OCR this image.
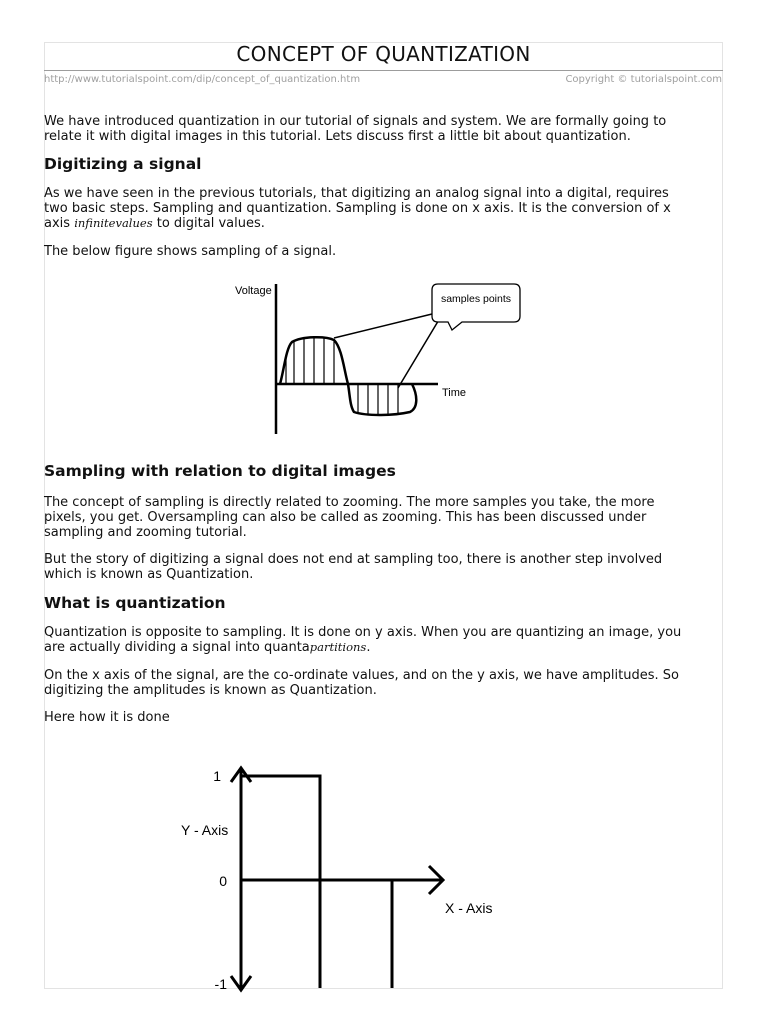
CONCEPT OF QUANTIZATION
http://www.tutorialspoint.com/dip/concept_of_quantization.htm	Copyright © tutorialspoint.com

We have introduced quantization in our tutorial of signals and system. We are formally going to
relate it with digital images in this tutorial. Lets discuss first a little bit about quantization.

Digitizing a signal

As we have seen in the previous tutorials, that digitizing an analog signal into a digital, requires
two basic steps. Sampling and quantization. Sampling is done on x axis. It is the conversion of x
axis infinitevalues to digital values.

The below figure shows sampling of a signal.

Voltage
Time
samples points
Sampling with relation to digital images

The concept of sampling is directly related to zooming. The more samples you take, the more
pixels, you get. Oversampling can also be called as zooming. This has been discussed under
sampling and zooming tutorial.

But the story of digitizing a signal does not end at sampling too, there is another step involved
which is known as Quantization.

What is quantization

Quantization is opposite to sampling. It is done on y axis. When you are quantizing an image, you
are actually dividing a signal into quantapartitions.

On the x axis of the signal, are the co-ordinate values, and on the y axis, we have amplitudes. So
digitizing the amplitudes is known as Quantization.

Here how it is done

1
0
-1
Y - Axis
X - Axis
